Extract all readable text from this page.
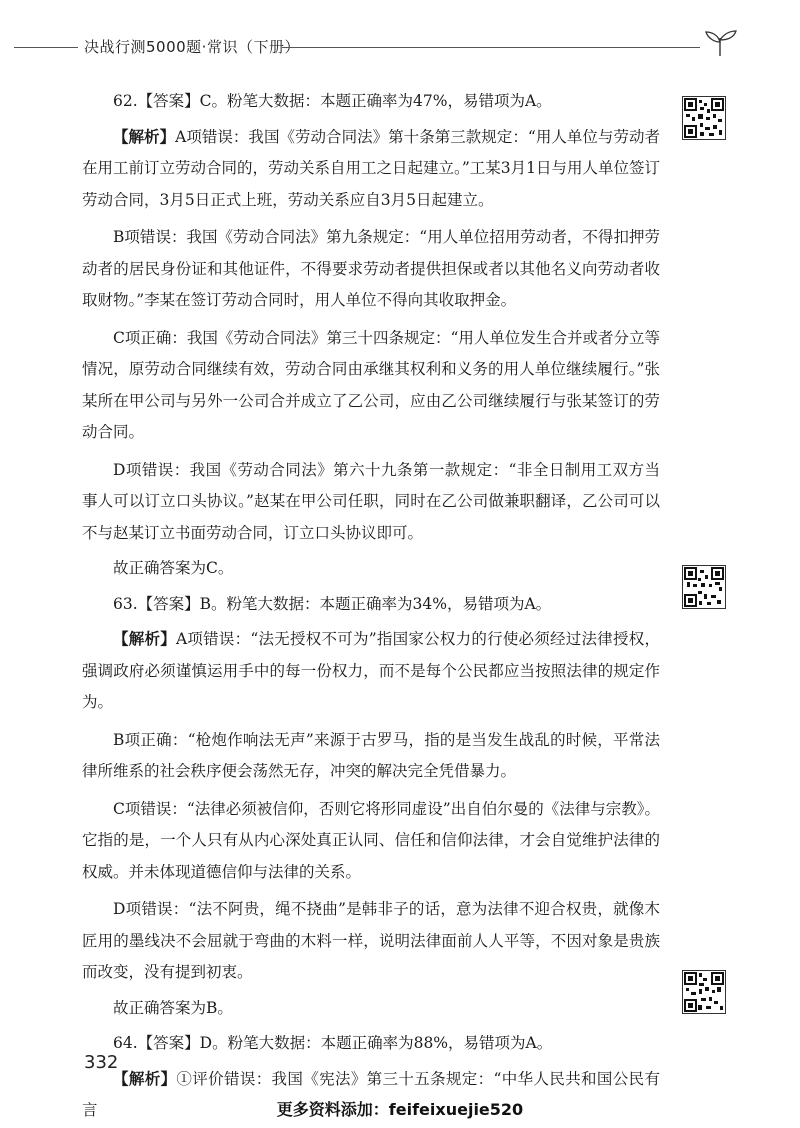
决战行测5000题·常识（下册）

62.【答案】C。粉笔大数据：本题正确率为47%，易错项为A。

【解析】A项错误：我国《劳动合同法》第十条第三款规定：“用人单位与劳动者在用工前订立劳动合同的，劳动关系自用工之日起建立。”工某3月1日与用人单位签订劳动合同，3月5日正式上班，劳动关系应自3月5日起建立。

B项错误：我国《劳动合同法》第九条规定：“用人单位招用劳动者，不得扣押劳动者的居民身份证和其他证件，不得要求劳动者提供担保或者以其他名义向劳动者收取财物。”李某在签订劳动合同时，用人单位不得向其收取押金。

C项正确：我国《劳动合同法》第三十四条规定：“用人单位发生合并或者分立等情况，原劳动合同继续有效，劳动合同由承继其权利和义务的用人单位继续履行。”张某所在甲公司与另外一公司合并成立了乙公司，应由乙公司继续履行与张某签订的劳动合同。

D项错误：我国《劳动合同法》第六十九条第一款规定：“非全日制用工双方当事人可以订立口头协议。”赵某在甲公司任职，同时在乙公司做兼职翻译，乙公司可以不与赵某订立书面劳动合同，订立口头协议即可。

故正确答案为C。

63.【答案】B。粉笔大数据：本题正确率为34%，易错项为A。

【解析】A项错误：“法无授权不可为”指国家公权力的行使必须经过法律授权，强调政府必须谨慎运用手中的每一份权力，而不是每个公民都应当按照法律的规定作为。

B项正确：“枪炮作响法无声”来源于古罗马，指的是当发生战乱的时候，平常法律所维系的社会秩序便会荡然无存，冲突的解决完全凭借暴力。

C项错误：“法律必须被信仰，否则它将形同虚设”出自伯尔曼的《法律与宗教》。它指的是，一个人只有从内心深处真正认同、信任和信仰法律，才会自觉维护法律的权威。并未体现道德信仰与法律的关系。

D项错误：“法不阿贵，绳不挠曲”是韩非子的话，意为法律不迎合权贵，就像木匠用的墨线决不会屈就于弯曲的木料一样，说明法律面前人人平等，不因对象是贵族而改变，没有提到初衷。

故正确答案为B。

64.【答案】D。粉笔大数据：本题正确率为88%，易错项为A。

【解析】①评价错误：我国《宪法》第三十五条规定：“中华人民共和国公民有言

332
更多资料添加：feifeixuejie520
